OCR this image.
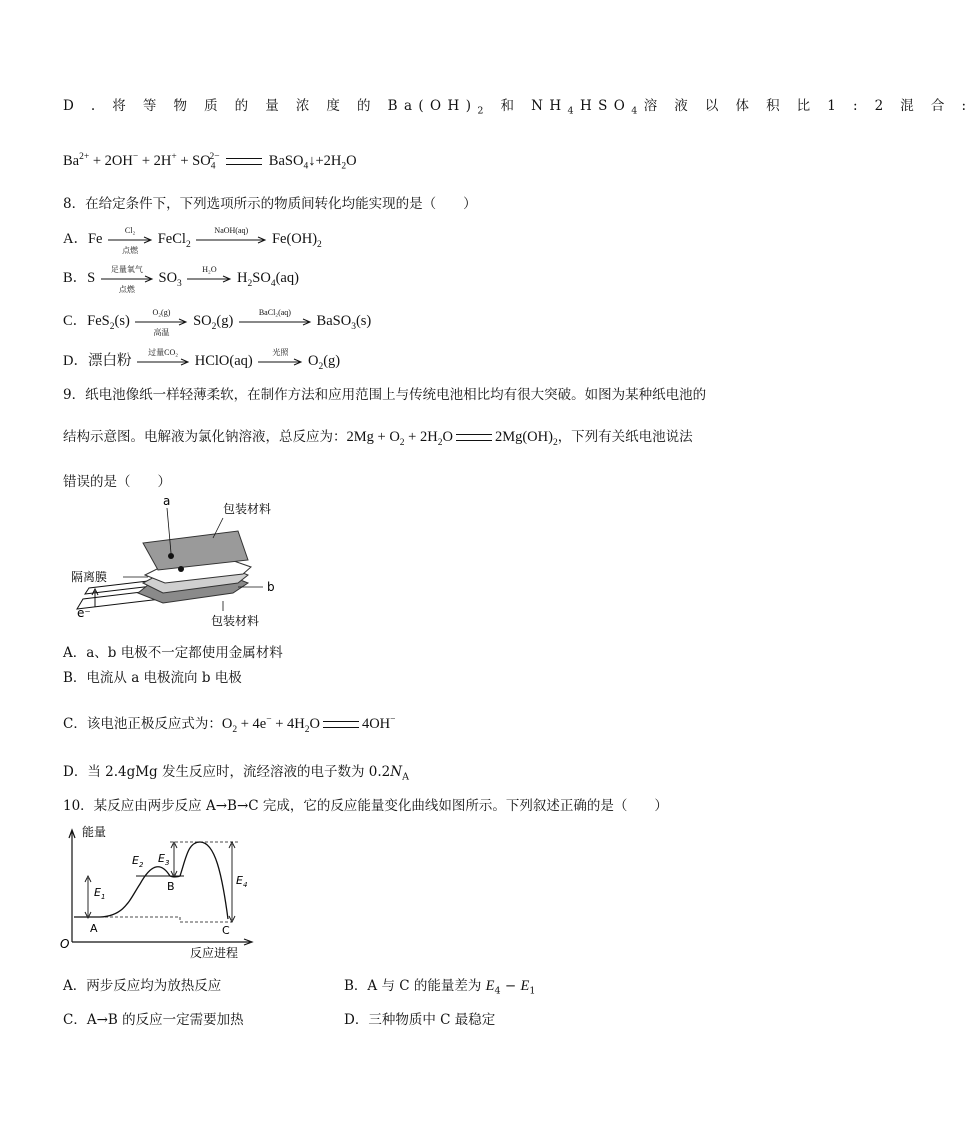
D . 将 等 物 质 的 量 浓 度 的 $Ba(OH)_2$ 和 $NH_4HSO_4$溶 液 以 体 积 比 1 : 2 混 合 :
$Ba^{2+} + 2OH^- + 2H^+ + SO_4^{2-}$	$BaSO_4↓+2H_2O$
8．在给定条件下，下列选项所示的物质间转化均能实现的是（　　）
A．Fe
Cl₂
点燃
FeCl$_2$
NaOH(aq)
$Fe(OH)_2$
B．S
足量氧气
点燃
$SO_3$
H₂O
$H_2SO_4(aq)$
C．FeS$_2$(s)
O₂(g)
高温
$SO_2(g)$
BaCl₂(aq)
BaSO$_3$(s)
D．漂白粉
过量CO₂
HClO(aq)
光照
$O_2(g)$
9．纸电池像纸一样轻薄柔软，在制作方法和应用范围上与传统电池相比均有很大突破。如图为某种纸电池的
结构示意图。电解液为氯化钠溶液，总反应为：$2Mg + O_2 + 2H_2O$	$2Mg(OH)_2$，下列有关纸电池说法
错误的是（　　）
a
包装材料
隔离膜
b
e⁻
包装材料
A．a、b 电极不一定都使用金属材料
B．电流从 a 电极流向 b 电极
C．该电池正极反应式为：$O_2 + 4e^- + 4H_2O$	4OH−
D．当 2.4gMg 发生反应时，流经溶液的电子数为 $0.2N_A$
10．某反应由两步反应 A→B→C 完成，它的反应能量变化曲线如图所示。下列叙述正确的是（　　）
能量
反应进程
O
$E_1$
$E_2$ $E_3$
$E_4$
A
B
C
A．两步反应均为放热反应	B．A 与 C 的能量差为 $E_4 - E_1$
C．A→B 的反应一定需要加热	D．三种物质中 C 最稳定
